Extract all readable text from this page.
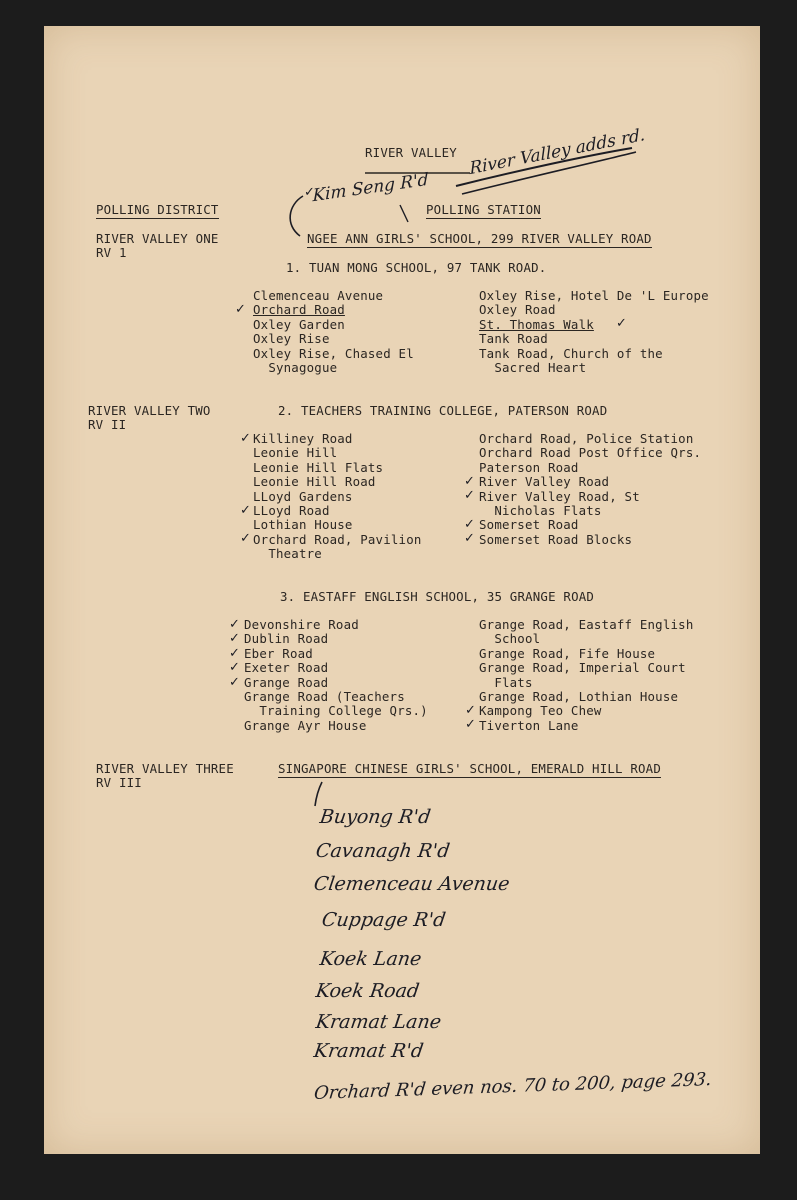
RIVER VALLEY River Valley adds rd.
Kim Seng R'd
✓
POLLING DISTRICT	POLLING STATION
RIVER VALLEY ONE
RV 1
NGEE ANN GIRLS' SCHOOL, 299 RIVER VALLEY ROAD
1. TUAN MONG SCHOOL, 97 TANK ROAD.
Clemenceau Avenue
Orchard Road
Oxley Garden
Oxley Rise
Oxley Rise, Chased El
Synagogue
Oxley Rise, Hotel De 'L Europe
Oxley Road
St. Thomas Walk
Tank Road
Tank Road, Church of the
Sacred Heart
✓
✓
RIVER VALLEY TWO
RV II
2. TEACHERS TRAINING COLLEGE, PATERSON ROAD
Killiney Road
Leonie Hill
Leonie Hill Flats
Leonie Hill Road
LLoyd Gardens
LLoyd Road
Lothian House
Orchard Road, Pavilion
Theatre
Orchard Road, Police Station
Orchard Road Post Office Qrs.
Paterson Road
River Valley Road
River Valley Road, St
Nicholas Flats
Somerset Road
Somerset Road Blocks
✓
✓
✓
✓
✓
✓
✓
3. EASTAFF ENGLISH SCHOOL, 35 GRANGE ROAD
Devonshire Road
Dublin Road
Eber Road
Exeter Road
Grange Road
Grange Road (Teachers
Training College Qrs.)
Grange Ayr House
Grange Road, Eastaff English
School
Grange Road, Fife House
Grange Road, Imperial Court
Flats
Grange Road, Lothian House
Kampong Teo Chew
Tiverton Lane
✓
✓
✓
✓
✓
✓
✓
RIVER VALLEY THREE
RV III
SINGAPORE CHINESE GIRLS' SCHOOL, EMERALD HILL ROAD
Buyong R'd
Cavanagh R'd
Clemenceau Avenue
Cuppage R'd
Koek Lane
Koek Road
Kramat Lane
Kramat R'd
Orchard R'd even nos. 70 to 200, page 293.
